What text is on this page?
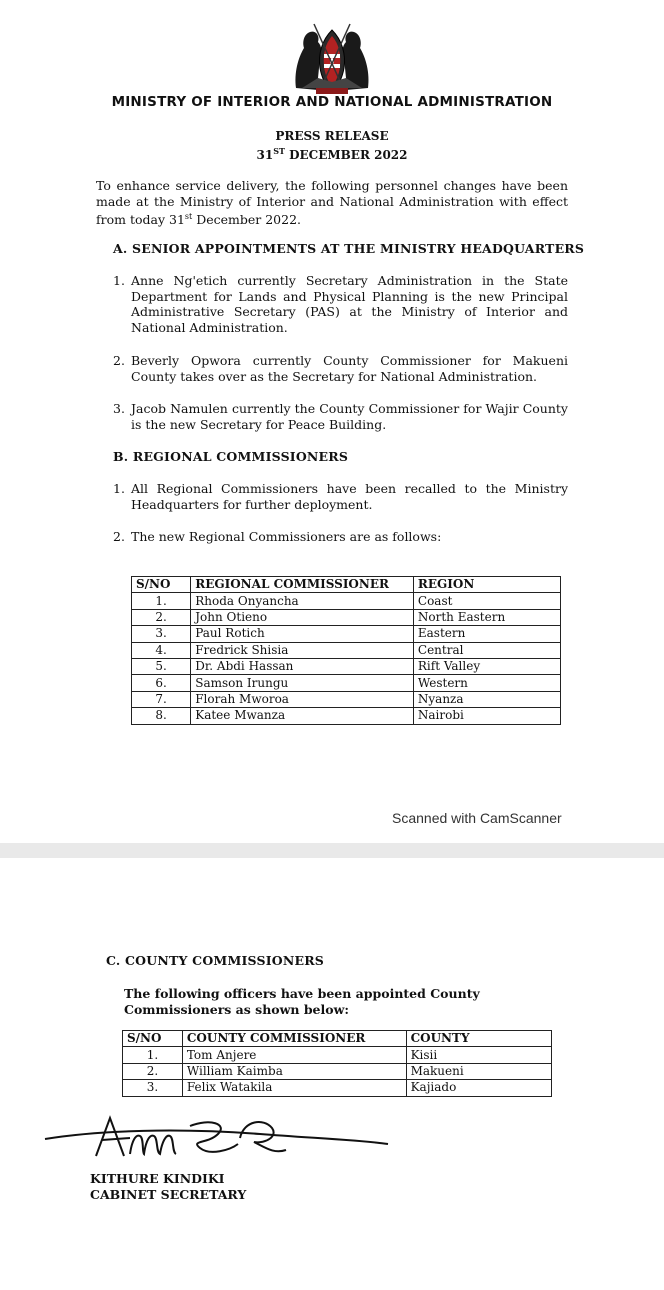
MINISTRY OF INTERIOR AND NATIONAL ADMINISTRATION
PRESS RELEASE
31ST DECEMBER 2022
To enhance service delivery, the following personnel changes have been made at the Ministry of Interior and National Administration with effect from today 31st December 2022.
A. SENIOR APPOINTMENTS AT THE MINISTRY HEADQUARTERS
1. Anne Ng'etich currently Secretary Administration in the State Department for Lands and Physical Planning is the new Principal Administrative Secretary (PAS) at the Ministry of Interior and National Administration.
2. Beverly Opwora currently County Commissioner for Makueni County takes over as the Secretary for National Administration.
3. Jacob Namulen currently the County Commissioner for Wajir County is the new Secretary for Peace Building.
B. REGIONAL COMMISSIONERS
1. All Regional Commissioners have been recalled to the Ministry Headquarters for further deployment.
2. The new Regional Commissioners are as follows:
S/NO	REGIONAL COMMISSIONER	REGION
1.	Rhoda Onyancha	Coast
2.	John Otieno	North Eastern
3.	Paul Rotich	Eastern
4.	Fredrick Shisia	Central
5.	Dr. Abdi Hassan	Rift Valley
6.	Samson Irungu	Western
7.	Florah Mworoa	Nyanza
8.	Katee Mwanza	Nairobi
Scanned with CamScanner
C. COUNTY COMMISSIONERS
The following officers have been appointed County Commissioners as shown below:
S/NO	COUNTY COMMISSIONER	COUNTY
1.	Tom Anjere	Kisii
2.	William Kaimba	Makueni
3.	Felix Watakila	Kajiado
KITHURE KINDIKI
CABINET SECRETARY
